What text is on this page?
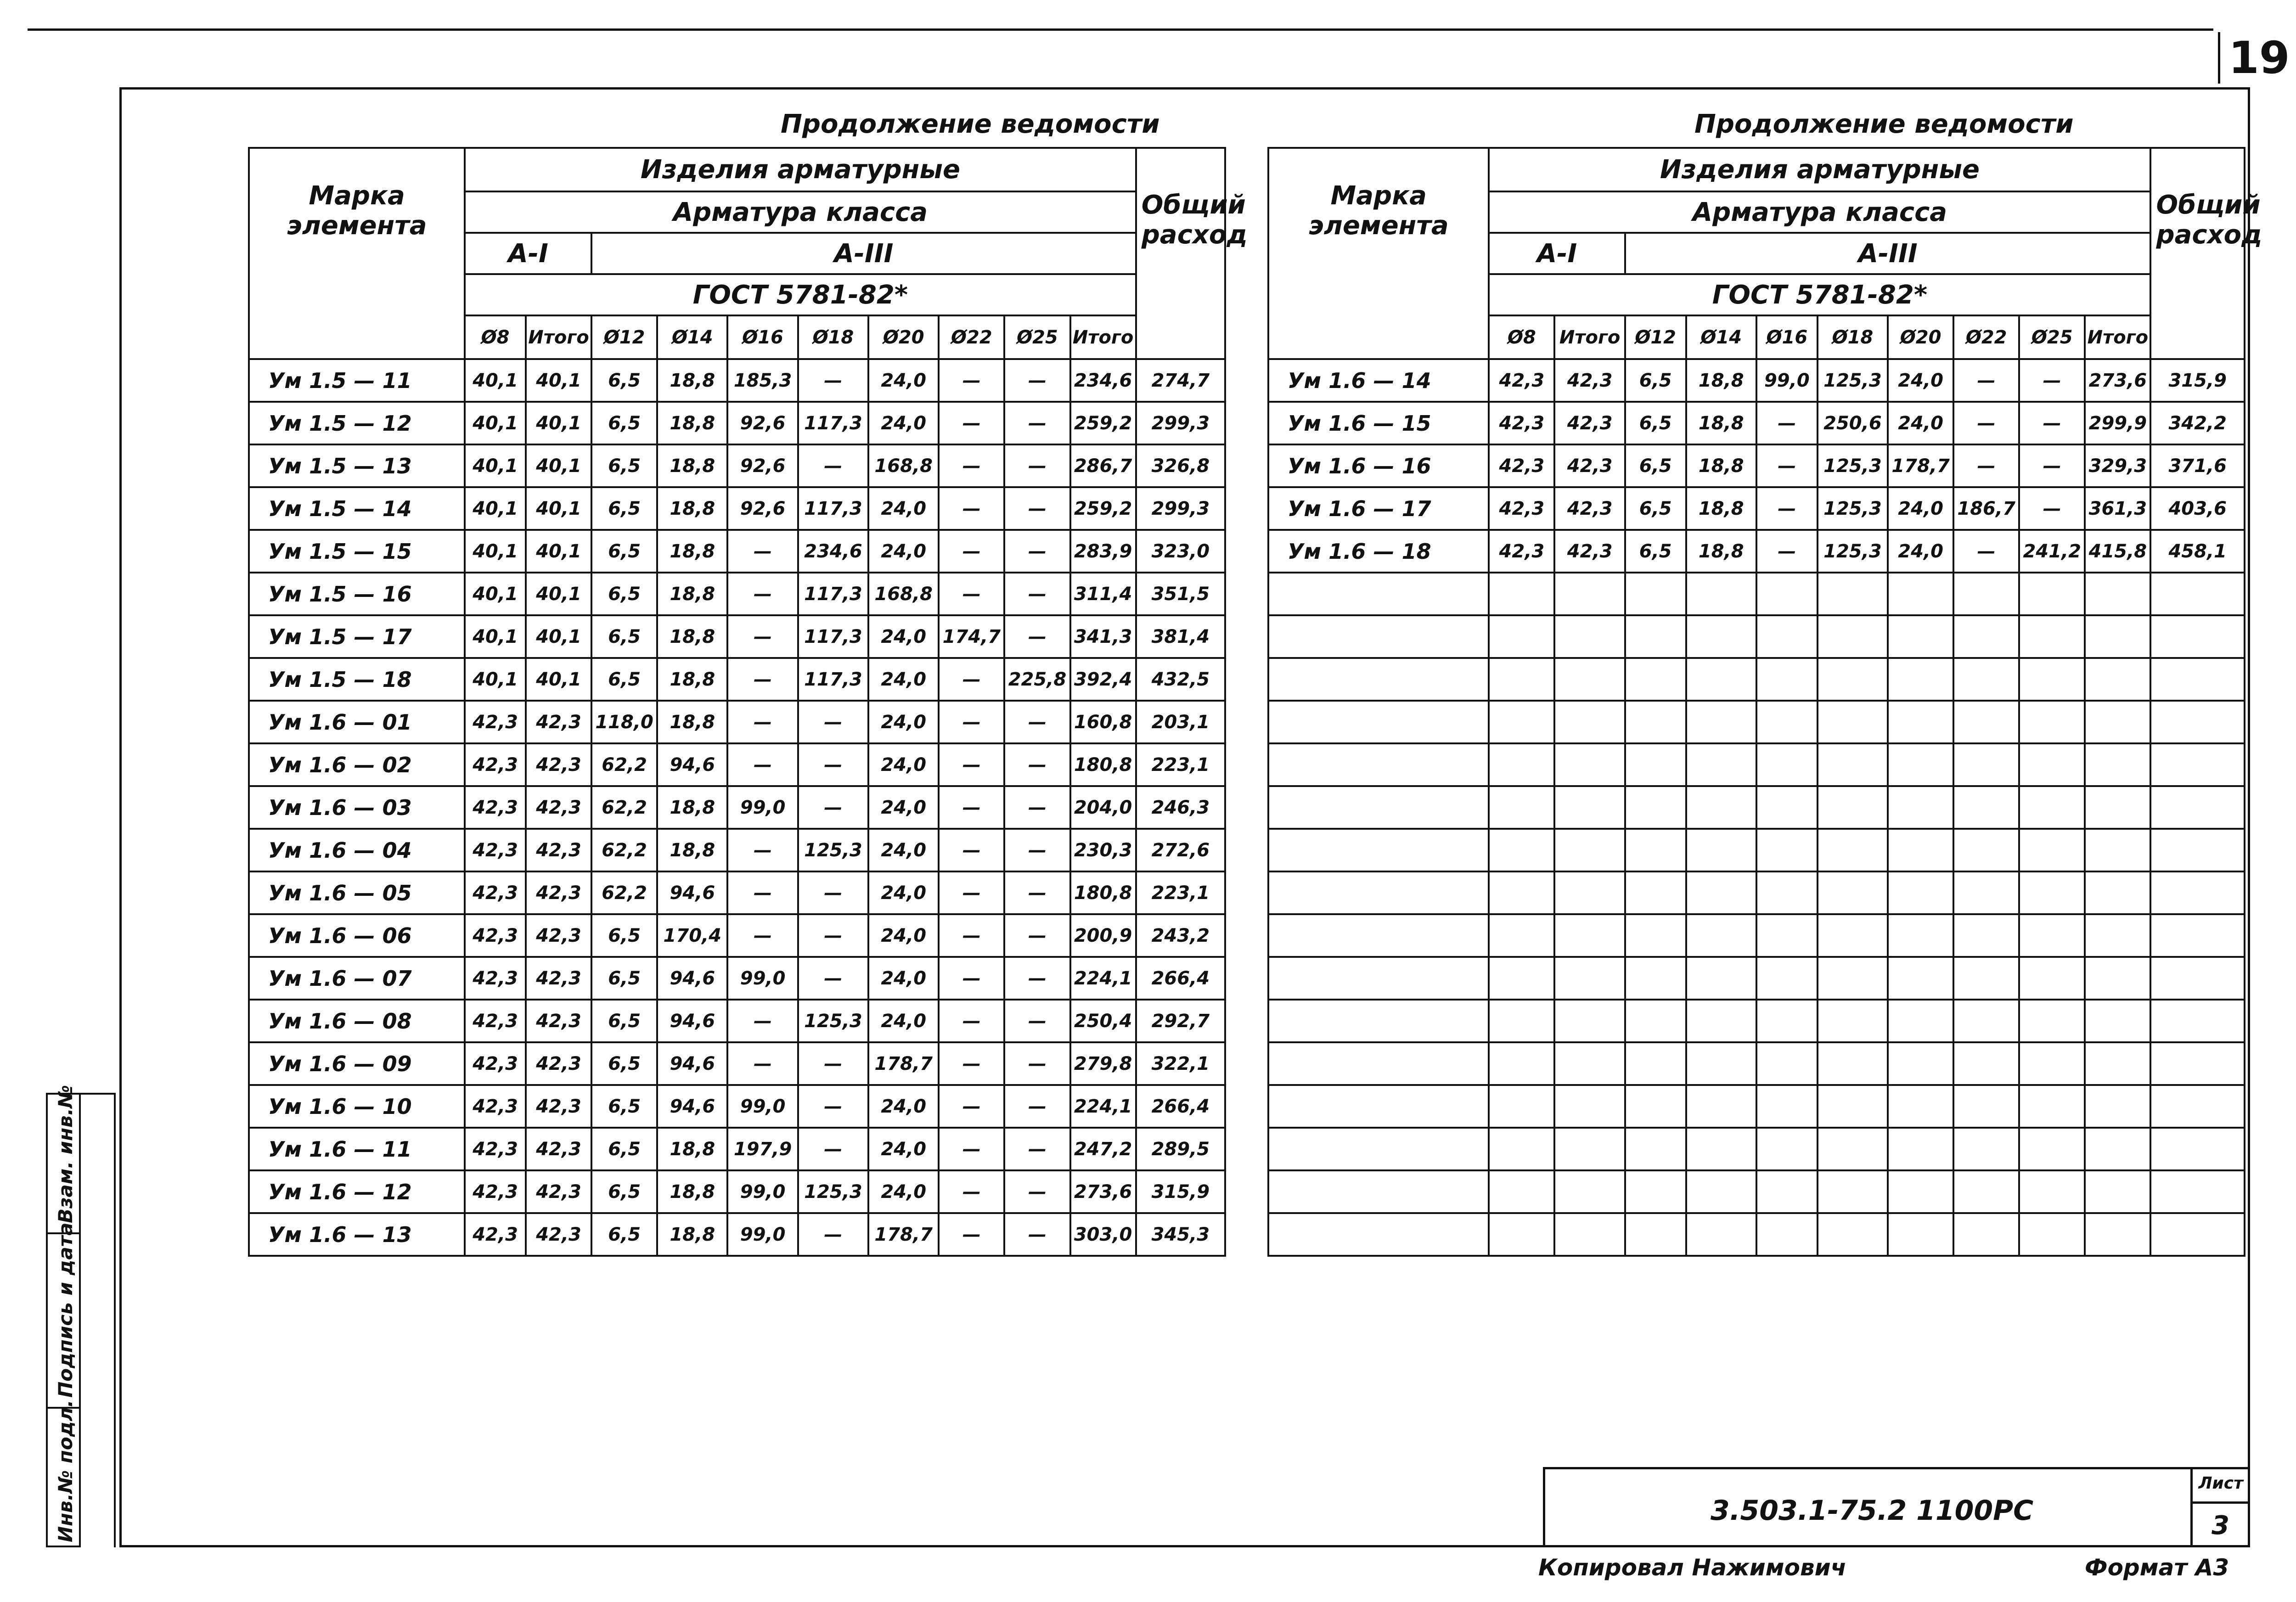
19
Продолжение ведомости
Марка элемента	Изделия арматурные										Общий расход
	Арматура класса										
	A-I		A-III								
	ГОСТ 5781-82*										
	Ø8	Итого	Ø12	Ø14	Ø16	Ø18	Ø20	Ø22	Ø25	Итого	
Ум 1.5 — 11	40,1	40,1	6,5	18,8	185,3	—	24,0	—	—	234,6	274,7
Ум 1.5 — 12	40,1	40,1	6,5	18,8	92,6	117,3	24,0	—	—	259,2	299,3
Ум 1.5 — 13	40,1	40,1	6,5	18,8	92,6	—	168,8	—	—	286,7	326,8
Ум 1.5 — 14	40,1	40,1	6,5	18,8	92,6	117,3	24,0	—	—	259,2	299,3
Ум 1.5 — 15	40,1	40,1	6,5	18,8	—	234,6	24,0	—	—	283,9	323,0
Ум 1.5 — 16	40,1	40,1	6,5	18,8	—	117,3	168,8	—	—	311,4	351,5
Ум 1.5 — 17	40,1	40,1	6,5	18,8	—	117,3	24,0	174,7	—	341,3	381,4
Ум 1.5 — 18	40,1	40,1	6,5	18,8	—	117,3	24,0	—	225,8	392,4	432,5
Ум 1.6 — 01	42,3	42,3	118,0	18,8	—	—	24,0	—	—	160,8	203,1
Ум 1.6 — 02	42,3	42,3	62,2	94,6	—	—	24,0	—	—	180,8	223,1
Ум 1.6 — 03	42,3	42,3	62,2	18,8	99,0	—	24,0	—	—	204,0	246,3
Ум 1.6 — 04	42,3	42,3	62,2	18,8	—	125,3	24,0	—	—	230,3	272,6
Ум 1.6 — 05	42,3	42,3	62,2	94,6	—	—	24,0	—	—	180,8	223,1
Ум 1.6 — 06	42,3	42,3	6,5	170,4	—	—	24,0	—	—	200,9	243,2
Ум 1.6 — 07	42,3	42,3	6,5	94,6	99,0	—	24,0	—	—	224,1	266,4
Ум 1.6 — 08	42,3	42,3	6,5	94,6	—	125,3	24,0	—	—	250,4	292,7
Ум 1.6 — 09	42,3	42,3	6,5	94,6	—	—	178,7	—	—	279,8	322,1
Ум 1.6 — 10	42,3	42,3	6,5	94,6	99,0	—	24,0	—	—	224,1	266,4
Ум 1.6 — 11	42,3	42,3	6,5	18,8	197,9	—	24,0	—	—	247,2	289,5
Ум 1.6 — 12	42,3	42,3	6,5	18,8	99,0	125,3	24,0	—	—	273,6	315,9
Ум 1.6 — 13	42,3	42,3	6,5	18,8	99,0	—	178,7	—	—	303,0	345,3
Продолжение ведомости
Марка элемента	Изделия арматурные										Общий расход
	Арматура класса										
	A-I		A-III								
	ГОСТ 5781-82*										
	Ø8	Итого	Ø12	Ø14	Ø16	Ø18	Ø20	Ø22	Ø25	Итого	
Ум 1.6 — 14	42,3	42,3	6,5	18,8	99,0	125,3	24,0	—	—	273,6	315,9
Ум 1.6 — 15	42,3	42,3	6,5	18,8	—	250,6	24,0	—	—	299,9	342,2
Ум 1.6 — 16	42,3	42,3	6,5	18,8	—	125,3	178,7	—	—	329,3	371,6
Ум 1.6 — 17	42,3	42,3	6,5	18,8	—	125,3	24,0	186,7	—	361,3	403,6
Ум 1.6 — 18	42,3	42,3	6,5	18,8	—	125,3	24,0	—	241,2	415,8	458,1

Взам. инв.№
Подпись и дата
Инв.№ подл.	3.503.1-75.2 1100РС
Лист
3
Копировал Нажимович	Формат А3
